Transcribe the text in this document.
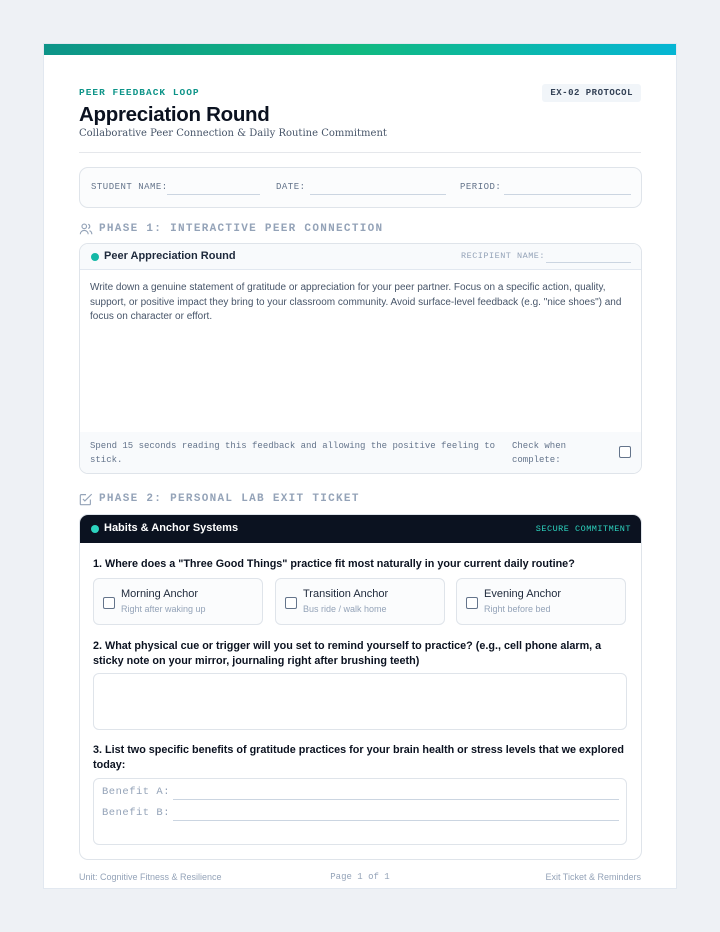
PEER FEEDBACK LOOP	EX-02 PROTOCOL
Appreciation Round
Collaborative Peer Connection & Daily Routine Commitment
STUDENT NAME:	DATE:	PERIOD:
PHASE 1: INTERACTIVE PEER CONNECTION
Peer Appreciation Round	RECIPIENT NAME:
Write down a genuine statement of gratitude or appreciation for your peer partner. Focus on a specific action, quality, support, or positive impact they bring to your classroom community. Avoid surface-level feedback (e.g. "nice shoes") and focus on character or effort.
Spend 15 seconds reading this feedback and allowing the positive feeling to stick.
Check when complete:
PHASE 2: PERSONAL LAB EXIT TICKET
Habits & Anchor Systems	SECURE COMMITMENT
1. Where does a "Three Good Things" practice fit most naturally in your current daily routine?
Morning Anchor
Right after waking up
Transition Anchor
Bus ride / walk home
Evening Anchor
Right before bed
2. What physical cue or trigger will you set to remind yourself to practice? (e.g., cell phone alarm, a sticky note on your mirror, journaling right after brushing teeth)
3. List two specific benefits of gratitude practices for your brain health or stress levels that we explored today:
Benefit A:
Benefit B:
Unit: Cognitive Fitness & Resilience	Page 1 of 1	Exit Ticket & Reminders
